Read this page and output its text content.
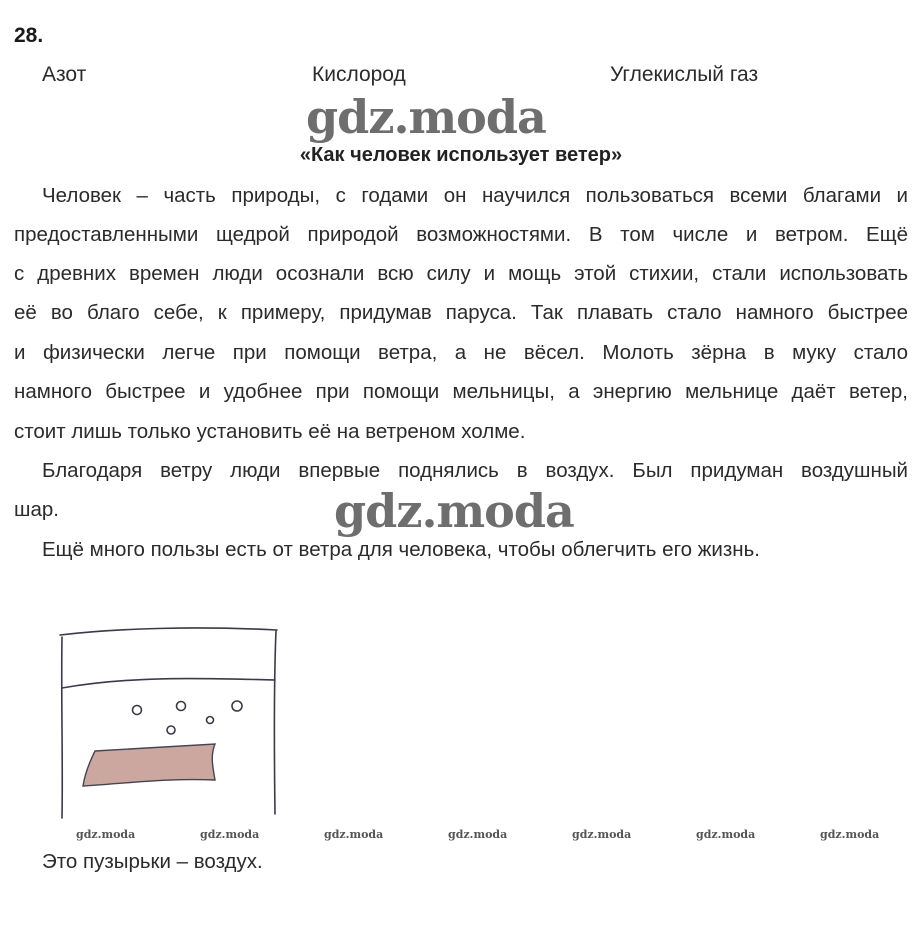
28.
Азот	Кислород	Углекислый газ
gdz.moda
«Как человек использует ветер»
Человек – часть природы, с годами он научился пользоваться всеми благами и
предоставленными щедрой природой возможностями. В том числе и ветром. Ещё
с древних времен люди осознали всю силу и мощь этой стихии, стали использовать
её во благо себе, к примеру, придумав паруса. Так плавать стало намного быстрее
и физически легче при помощи ветра, а не вёсел. Молоть зёрна в муку стало
намного быстрее и удобнее при помощи мельницы, а энергию мельнице даёт ветер,
стоит лишь только установить её на ветреном холме.
Благодаря ветру люди впервые поднялись в воздух. Был придуман воздушный
шар.	gdz.moda
Ещё много пользы есть от ветра для человека, чтобы облегчить его жизнь.
gdz.moda	gdz.moda	gdz.moda	gdz.moda	gdz.moda	gdz.moda	gdz.moda
Это пузырьки – воздух.
